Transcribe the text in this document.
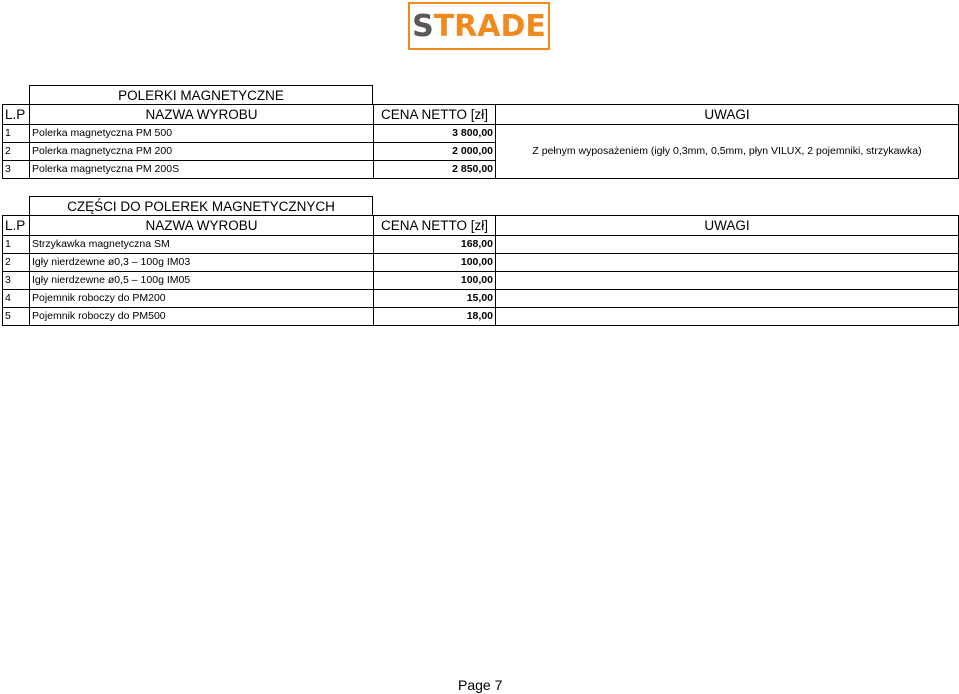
S TRADE
POLERKI MAGNETYCZNE
L.P	NAZWA WYROBU	CENA NETTO [zł]	UWAGI
1	Polerka magnetyczna PM 500	3 800,00	Z pełnym wyposażeniem (igły 0,3mm, 0,5mm, płyn VILUX, 2 pojemniki, strzykawka)
2	Polerka magnetyczna PM 200	2 000,00	
3	Polerka magnetyczna PM 200S	2 850,00	
CZĘŚCI DO POLEREK MAGNETYCZNYCH
L.P	NAZWA WYROBU	CENA NETTO [zł]	UWAGI
1	Strzykawka magnetyczna SM	168,00	
2	Igły nierdzewne ø0,3 – 100g IM03	100,00	
3	Igły nierdzewne ø0,5 – 100g IM05	100,00	
4	Pojemnik roboczy do PM200	15,00	
5	Pojemnik roboczy do PM500	18,00	
Page 7
